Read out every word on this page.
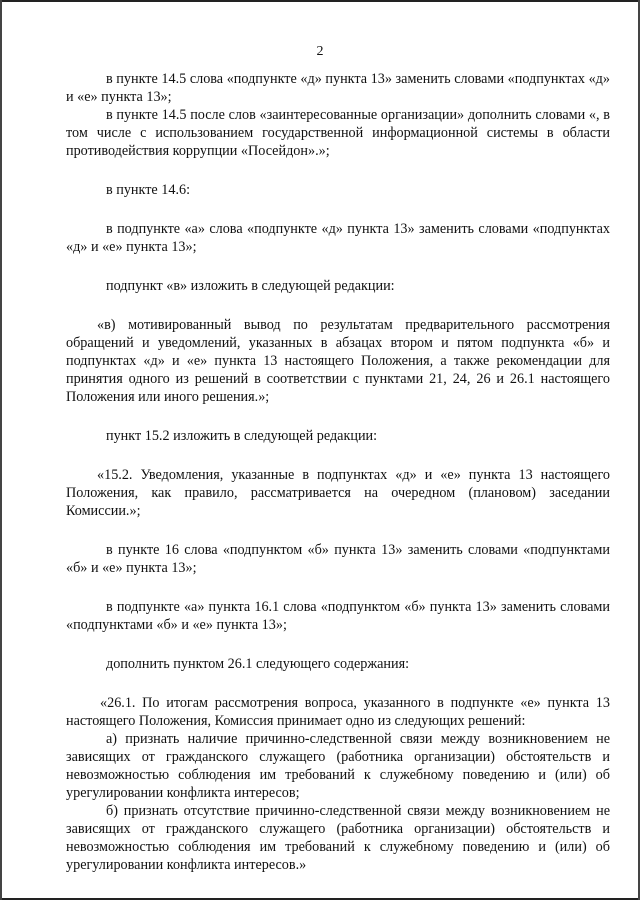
2

в пункте 14.5 слова «подпункте «д» пункта 13» заменить словами «подпунктах «д» и «е» пункта 13»;

в пункте 14.5 после слов «заинтересованные организации» дополнить словами «, в том числе с использованием государственной информационной системы в области противодействия коррупции «Посейдон».»;

в пункте 14.6:

в подпункте «а» слова «подпункте «д» пункта 13» заменить словами «подпунктах «д» и «е» пункта 13»;

подпункт «в» изложить в следующей редакции:

«в) мотивированный вывод по результатам предварительного рассмотрения обращений и уведомлений, указанных в абзацах втором и пятом подпункта «б» и подпунктах «д» и «е» пункта 13 настоящего Положения, а также рекомендации для принятия одного из решений в соответствии с пунктами 21, 24, 26 и 26.1 настоящего Положения или иного решения.»;

пункт 15.2 изложить в следующей редакции:

«15.2. Уведомления, указанные в подпунктах «д» и «е» пункта 13 настоящего Положения, как правило, рассматривается на очередном (плановом) заседании Комиссии.»;

в пункте 16 слова «подпунктом «б» пункта 13» заменить словами «подпунктами «б» и «е» пункта 13»;

в подпункте «а» пункта 16.1 слова «подпунктом «б» пункта 13» заменить словами «подпунктами «б» и «е» пункта 13»;

дополнить пунктом 26.1 следующего содержания:

«26.1. По итогам рассмотрения вопроса, указанного в подпункте «е» пункта 13 настоящего Положения, Комиссия принимает одно из следующих решений:

а) признать наличие причинно-следственной связи между возникновением не зависящих от гражданского служащего (работника организации) обстоятельств и невозможностью соблюдения им требований к служебному поведению и (или) об урегулировании конфликта интересов;

б) признать отсутствие причинно-следственной связи между возникновением не зависящих от гражданского служащего (работника организации) обстоятельств и невозможностью соблюдения им требований к служебному поведению и (или) об урегулировании конфликта интересов.»
